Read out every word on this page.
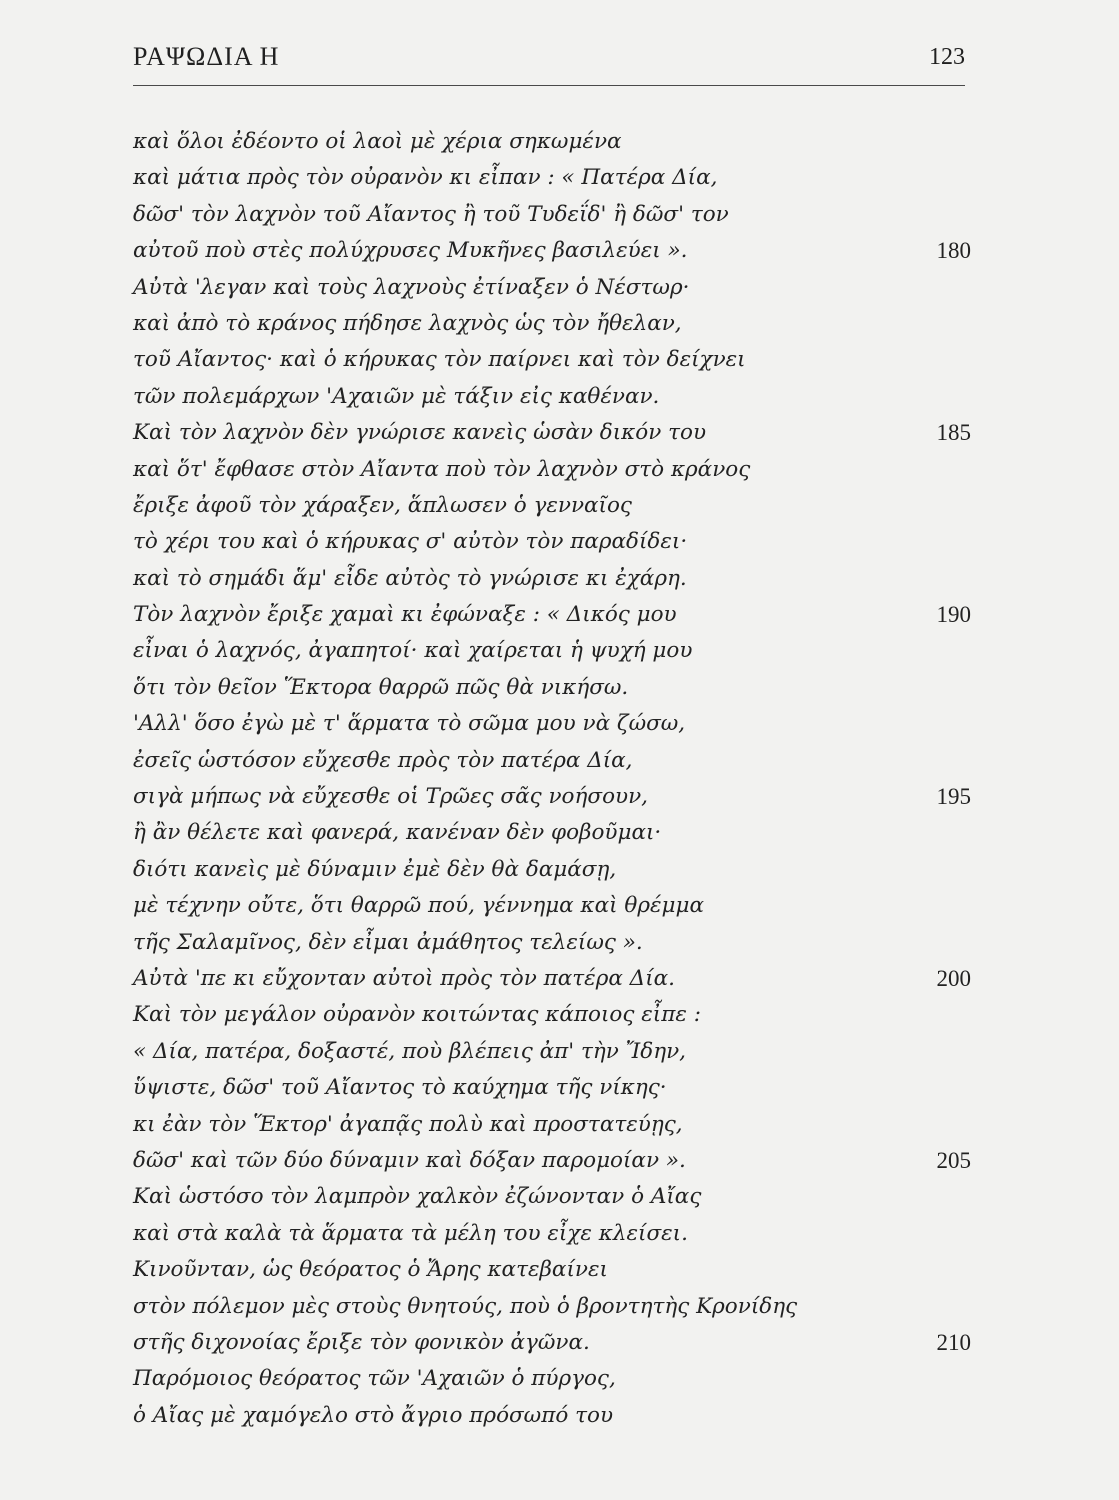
ΡΑΨΩΔΙΑ Η	123
καὶ ὅλοι ἐδέοντο οἱ λαοὶ μὲ χέρια σηκωμένα
καὶ μάτια πρὸς τὸν οὐρανὸν κι εἶπαν : « Πατέρα Δία,
δῶσ' τὸν λαχνὸν τοῦ Αἴαντος ἢ τοῦ Τυδεΐδ' ἢ δῶσ' τον
αὐτοῦ ποὺ στὲς πολύχρυσες Μυκῆνες βασιλεύει ».	180
Αὐτὰ 'λεγαν καὶ τοὺς λαχνοὺς ἐτίναξεν ὁ Νέστωρ·
καὶ ἀπὸ τὸ κράνος πήδησε λαχνὸς ὡς τὸν ἤθελαν,
τοῦ Αἴαντος· καὶ ὁ κήρυκας τὸν παίρνει καὶ τὸν δείχνει
τῶν πολεμάρχων 'Αχαιῶν μὲ τάξιν εἰς καθέναν.
Καὶ τὸν λαχνὸν δὲν γνώρισε κανεὶς ὡσὰν δικόν του	185
καὶ ὅτ' ἔφθασε στὸν Αἴαντα ποὺ τὸν λαχνὸν στὸ κράνος
ἔριξε ἀφοῦ τὸν χάραξεν, ἅπλωσεν ὁ γενναῖος
τὸ χέρι του καὶ ὁ κήρυκας σ' αὐτὸν τὸν παραδίδει·
καὶ τὸ σημάδι ἅμ' εἶδε αὐτὸς τὸ γνώρισε κι ἐχάρη.
Τὸν λαχνὸν ἔριξε χαμαὶ κι ἐφώναξε : « Δικός μου	190
εἶναι ὁ λαχνός, ἀγαπητοί· καὶ χαίρεται ἡ ψυχή μου
ὅτι τὸν θεῖον Ἕκτορα θαρρῶ πῶς θὰ νικήσω.
'Αλλ' ὅσο ἐγὼ μὲ τ' ἅρματα τὸ σῶμα μου νὰ ζώσω,
ἐσεῖς ὡστόσον εὔχεσθε πρὸς τὸν πατέρα Δία,
σιγὰ μήπως νὰ εὔχεσθε οἱ Τρῶες σᾶς νοήσουν,	195
ἢ ἂν θέλετε καὶ φανερά, κανέναν δὲν φοβοῦμαι·
διότι κανεὶς μὲ δύναμιν ἐμὲ δὲν θὰ δαμάσῃ,
μὲ τέχνην οὔτε, ὅτι θαρρῶ πού, γέννημα καὶ θρέμμα
τῆς Σαλαμῖνος, δὲν εἶμαι ἀμάθητος τελείως ».
Αὐτὰ 'πε κι εὔχονταν αὐτοὶ πρὸς τὸν πατέρα Δία.	200
Καὶ τὸν μεγάλον οὐρανὸν κοιτώντας κάποιος εἶπε :
« Δία, πατέρα, δοξαστέ, ποὺ βλέπεις ἀπ' τὴν Ἴδην,
ὕψιστε, δῶσ' τοῦ Αἴαντος τὸ καύχημα τῆς νίκης·
κι ἐὰν τὸν Ἕκτορ' ἀγαπᾷς πολὺ καὶ προστατεύῃς,
δῶσ' καὶ τῶν δύο δύναμιν καὶ δόξαν παρομοίαν ».	205
Καὶ ὡστόσο τὸν λαμπρὸν χαλκὸν ἐζώνονταν ὁ Αἴας
καὶ στὰ καλὰ τὰ ἅρματα τὰ μέλη του εἶχε κλείσει.
Κινοῦνταν, ὡς θεόρατος ὁ Ἄρης κατεβαίνει
στὸν πόλεμον μὲς στοὺς θνητούς, ποὺ ὁ βροντητὴς Κρονίδης
στῆς διχονοίας ἔριξε τὸν φονικὸν ἀγῶνα.	210
Παρόμοιος θεόρατος τῶν 'Αχαιῶν ὁ πύργος,
ὁ Αἴας μὲ χαμόγελο στὸ ἄγριο πρόσωπό του
